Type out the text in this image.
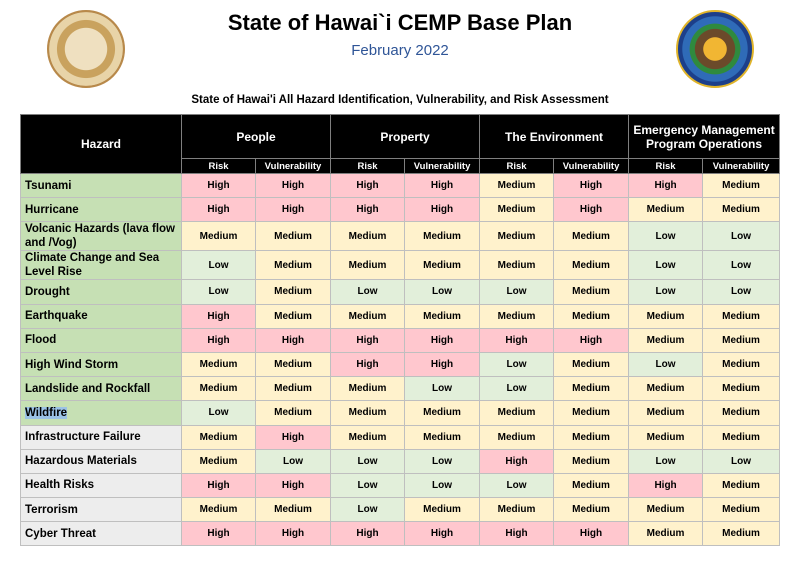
State of Hawai`i CEMP Base Plan
February 2022
State of Hawai'i All Hazard Identification, Vulnerability, and Risk Assessment
Hazard	People		Property		The Environment		Emergency Management Program Operations	
	Risk	Vulnerability	Risk	Vulnerability	Risk	Vulnerability	Risk	Vulnerability
Tsunami	High	High	High	High	Medium	High	High	Medium
Hurricane	High	High	High	High	Medium	High	Medium	Medium
Volcanic Hazards (lava flow and /Vog)	Medium	Medium	Medium	Medium	Medium	Medium	Low	Low
Climate Change and Sea Level Rise	Low	Medium	Medium	Medium	Medium	Medium	Low	Low
Drought	Low	Medium	Low	Low	Low	Medium	Low	Low
Earthquake	High	Medium	Medium	Medium	Medium	Medium	Medium	Medium
Flood	High	High	High	High	High	High	Medium	Medium
High Wind Storm	Medium	Medium	High	High	Low	Medium	Low	Medium
Landslide and Rockfall	Medium	Medium	Medium	Low	Low	Medium	Medium	Medium
Wildfire	Low	Medium	Medium	Medium	Medium	Medium	Medium	Medium
Infrastructure Failure	Medium	High	Medium	Medium	Medium	Medium	Medium	Medium
Hazardous Materials	Medium	Low	Low	Low	High	Medium	Low	Low
Health Risks	High	High	Low	Low	Low	Medium	High	Medium
Terrorism	Medium	Medium	Low	Medium	Medium	Medium	Medium	Medium
Cyber Threat	High	High	High	High	High	High	Medium	Medium
